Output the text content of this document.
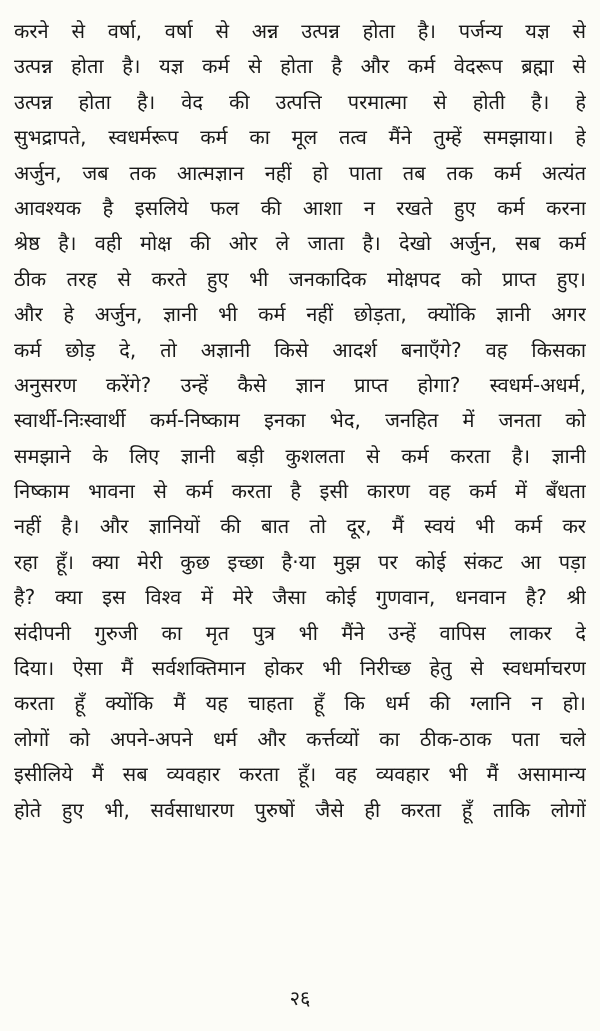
करने से वर्षा, वर्षा से अन्न उत्पन्न होता है। पर्जन्य यज्ञ से
उत्पन्न होता है। यज्ञ कर्म से होता है और कर्म वेदरूप ब्रह्मा से
उत्पन्न होता है। वेद की उत्पत्ति परमात्मा से होती है। हे
सुभद्रापते, स्वधर्मरूप कर्म का मूल तत्व मैंने तुम्हें समझाया। हे
अर्जुन, जब तक आत्मज्ञान नहीं हो पाता तब तक कर्म अत्यंत
आवश्यक है इसलिये फल की आशा न रखते हुए कर्म करना
श्रेष्ठ है। वही मोक्ष की ओर ले जाता है। देखो अर्जुन, सब कर्म
ठीक तरह से करते हुए भी जनकादिक मोक्षपद को प्राप्त हुए।
और हे अर्जुन, ज्ञानी भी कर्म नहीं छोड़ता, क्योंकि ज्ञानी अगर
कर्म छोड़ दे, तो अज्ञानी किसे आदर्श बनाएँगे? वह किसका
अनुसरण करेंगे? उन्हें कैसे ज्ञान प्राप्त होगा? स्वधर्म-अधर्म,
स्वार्थी-निःस्वार्थी कर्म-निष्काम इनका भेद, जनहित में जनता को
समझाने के लिए ज्ञानी बड़ी कुशलता से कर्म करता है। ज्ञानी
निष्काम भावना से कर्म करता है इसी कारण वह कर्म में बँधता
नहीं है। और ज्ञानियों की बात तो दूर, मैं स्वयं भी कर्म कर
रहा हूँ। क्या मेरी कुछ इच्छा है·या मुझ पर कोई संकट आ पड़ा
है? क्या इस विश्व में मेरे जैसा कोई गुणवान, धनवान है? श्री
संदीपनी गुरुजी का मृत पुत्र भी मैंने उन्हें वापिस लाकर दे
दिया। ऐसा मैं सर्वशक्तिमान होकर भी निरीच्छ हेतु से स्वधर्माचरण
करता हूँ क्योंकि मैं यह चाहता हूँ कि धर्म की ग्लानि न हो।
लोगों को अपने-अपने धर्म और कर्त्तव्यों का ठीक-ठाक पता चले
इसीलिये मैं सब व्यवहार करता हूँ। वह व्यवहार भी मैं असामान्य
होते हुए भी, सर्वसाधारण पुरुषों जैसे ही करता हूँ ताकि लोगों
२६
